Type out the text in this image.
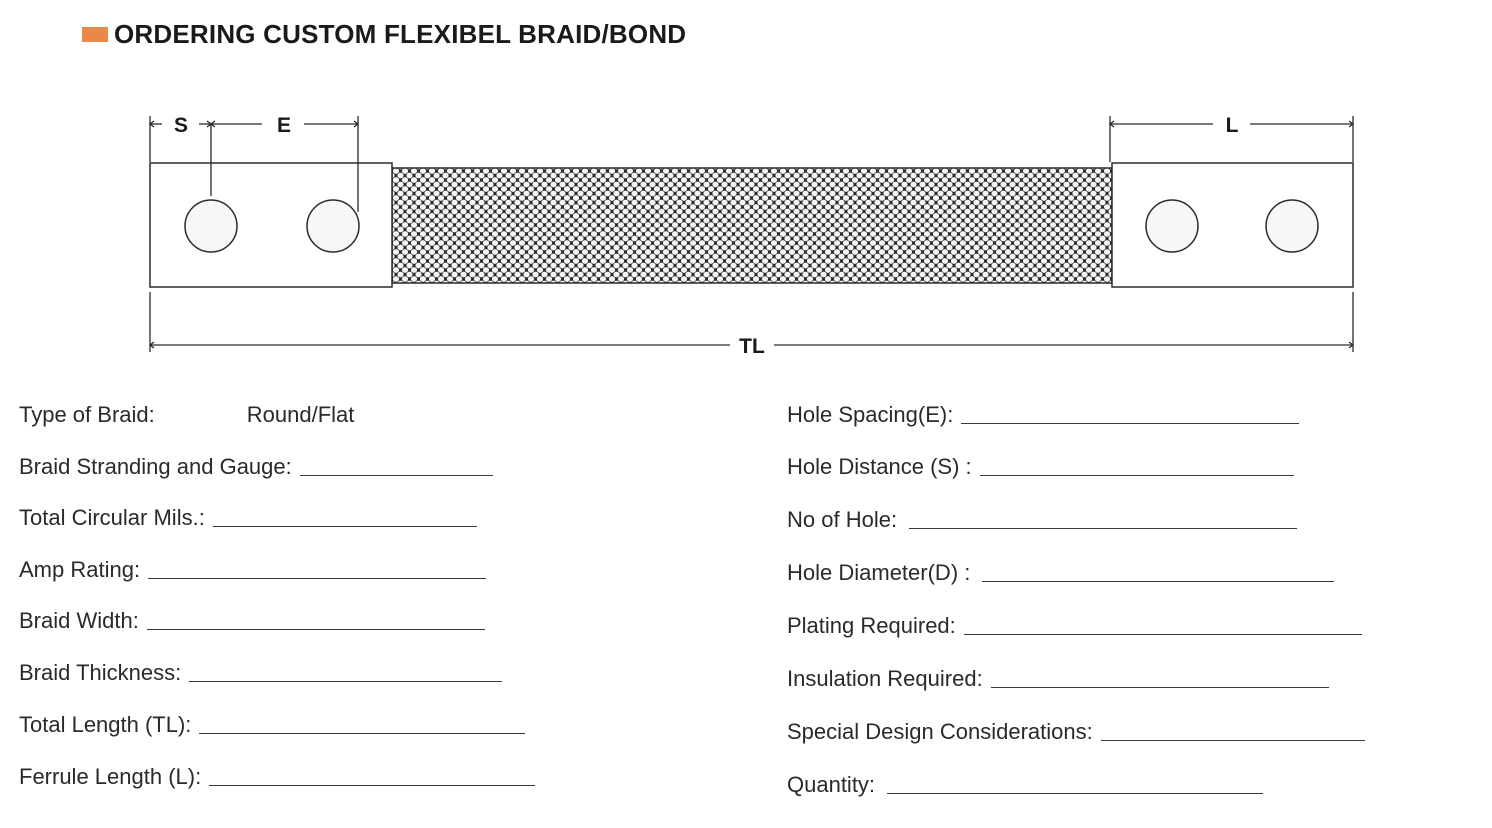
ORDERING CUSTOM FLEXIBEL BRAID/BOND
S	E	L
TL
Type of Braid:	Round/Flat
Braid Stranding and Gauge:
Total Circular Mils.:
Amp Rating:
Braid Width:
Braid Thickness:
Total Length (TL):
Ferrule Length (L):
Hole Spacing(E):
Hole Distance (S) :
No of Hole:
Hole Diameter(D) :
Plating Required:
Insulation Required:
Special Design Considerations:
Quantity:
